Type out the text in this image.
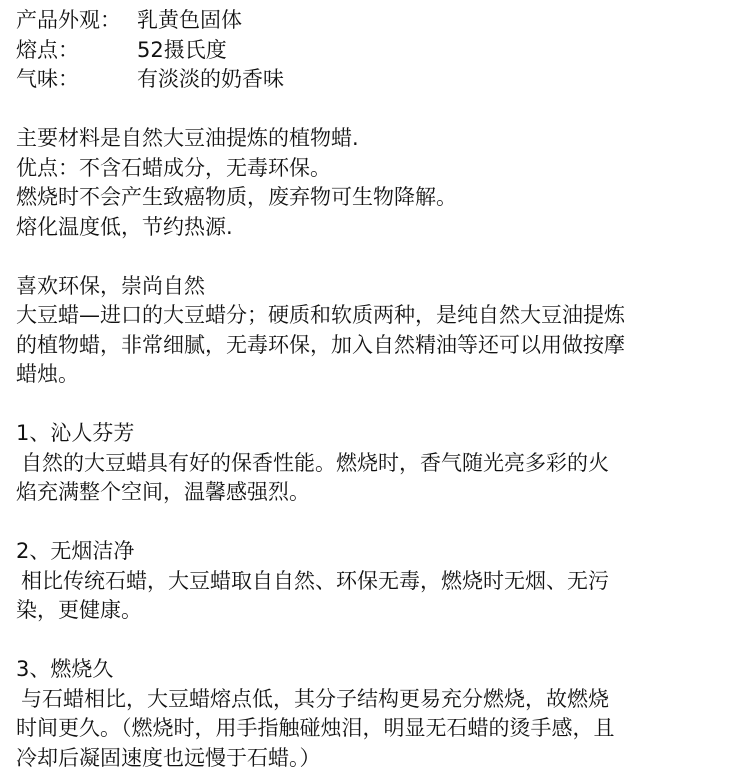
产品外观： 乳黄色固体
熔点：	52摄氏度
气味：	有淡淡的奶香味
主要材料是自然大豆油提炼的植物蜡.
优点：不含石蜡成分，无毒环保。
燃烧时不会产生致癌物质，废弃物可生物降解。
熔化温度低，节约热源.
喜欢环保，崇尚自然
大豆蜡—进口的大豆蜡分；硬质和软质两种，是纯自然大豆油提炼
的植物蜡，非常细腻，无毒环保，加入自然精油等还可以用做按摩
蜡烛。
1、沁人芬芳
自然的大豆蜡具有好的保香性能。燃烧时，香气随光亮多彩的火
焰充满整个空间，温馨感强烈。
2、无烟洁净
相比传统石蜡，大豆蜡取自自然、环保无毒，燃烧时无烟、无污
染，更健康。
3、燃烧久
与石蜡相比，大豆蜡熔点低，其分子结构更易充分燃烧，故燃烧
时间更久。（燃烧时，用手指触碰烛泪，明显无石蜡的烫手感，且
冷却后凝固速度也远慢于石蜡。）
